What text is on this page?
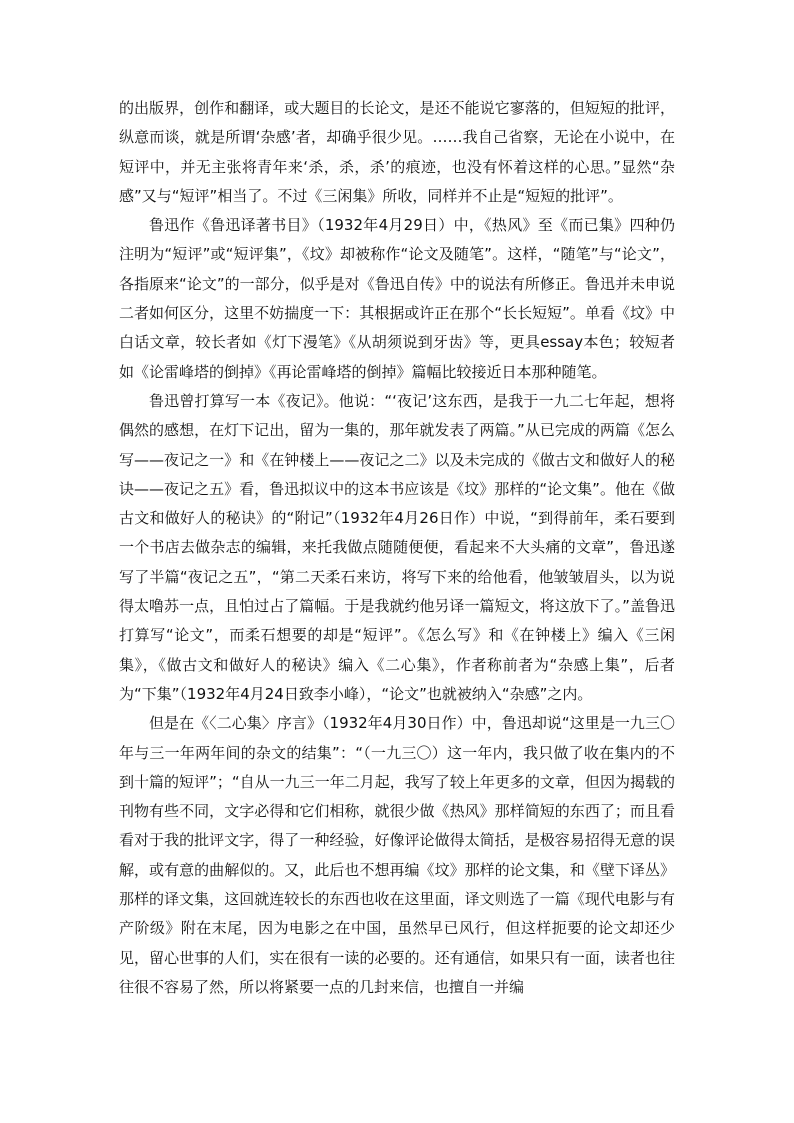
的出版界，创作和翻译，或大题目的长论文，是还不能说它寥落的，但短短的批评，纵意而谈，就是所谓‘杂感’者，却确乎很少见。……我自己省察，无论在小说中，在短评中，并无主张将青年来‘杀，杀，杀’的痕迹，也没有怀着这样的心思。”显然“杂感”又与“短评”相当了。不过《三闲集》所收，同样并不止是“短短的批评”。

鲁迅作《鲁迅译著书目》（1932年4月29日）中，《热风》至《而已集》四种仍注明为“短评”或“短评集”，《坟》却被称作“论文及随笔”。这样，“随笔”与“论文”，各指原来“论文”的一部分，似乎是对《鲁迅自传》中的说法有所修正。鲁迅并未申说二者如何区分，这里不妨揣度一下：其根据或许正在那个“长长短短”。单看《坟》中白话文章，较长者如《灯下漫笔》《从胡须说到牙齿》等，更具essay本色；较短者如《论雷峰塔的倒掉》《再论雷峰塔的倒掉》篇幅比较接近日本那种随笔。

鲁迅曾打算写一本《夜记》。他说：“‘夜记’这东西，是我于一九二七年起，想将偶然的感想，在灯下记出，留为一集的，那年就发表了两篇。”从已完成的两篇《怎么写——夜记之一》和《在钟楼上——夜记之二》以及未完成的《做古文和做好人的秘诀——夜记之五》看，鲁迅拟议中的这本书应该是《坟》那样的“论文集”。他在《做古文和做好人的秘诀》的“附记”（1932年4月26日作）中说，“到得前年，柔石要到一个书店去做杂志的编辑，来托我做点随随便便，看起来不大头痛的文章”，鲁迅遂写了半篇“夜记之五”，“第二天柔石来访，将写下来的给他看，他皱皱眉头，以为说得太噜苏一点，且怕过占了篇幅。于是我就约他另译一篇短文，将这放下了。”盖鲁迅打算写“论文”，而柔石想要的却是“短评”。《怎么写》和《在钟楼上》编入《三闲集》，《做古文和做好人的秘诀》编入《二心集》，作者称前者为“杂感上集”，后者为“下集”（1932年4月24日致李小峰），“论文”也就被纳入“杂感”之内。

但是在《〈二心集〉序言》（1932年4月30日作）中，鲁迅却说“这里是一九三〇年与三一年两年间的杂文的结集”：“（一九三〇）这一年内，我只做了收在集内的不到十篇的短评”；“自从一九三一年二月起，我写了较上年更多的文章，但因为揭载的刊物有些不同，文字必得和它们相称，就很少做《热风》那样简短的东西了；而且看看对于我的批评文字，得了一种经验，好像评论做得太简括，是极容易招得无意的误解，或有意的曲解似的。又，此后也不想再编《坟》那样的论文集，和《壁下译丛》那样的译文集，这回就连较长的东西也收在这里面，译文则选了一篇《现代电影与有产阶级》附在末尾，因为电影之在中国，虽然早已风行，但这样扼要的论文却还少见，留心世事的人们，实在很有一读的必要的。还有通信，如果只有一面，读者也往往很不容易了然，所以将紧要一点的几封来信，也擅自一并编
